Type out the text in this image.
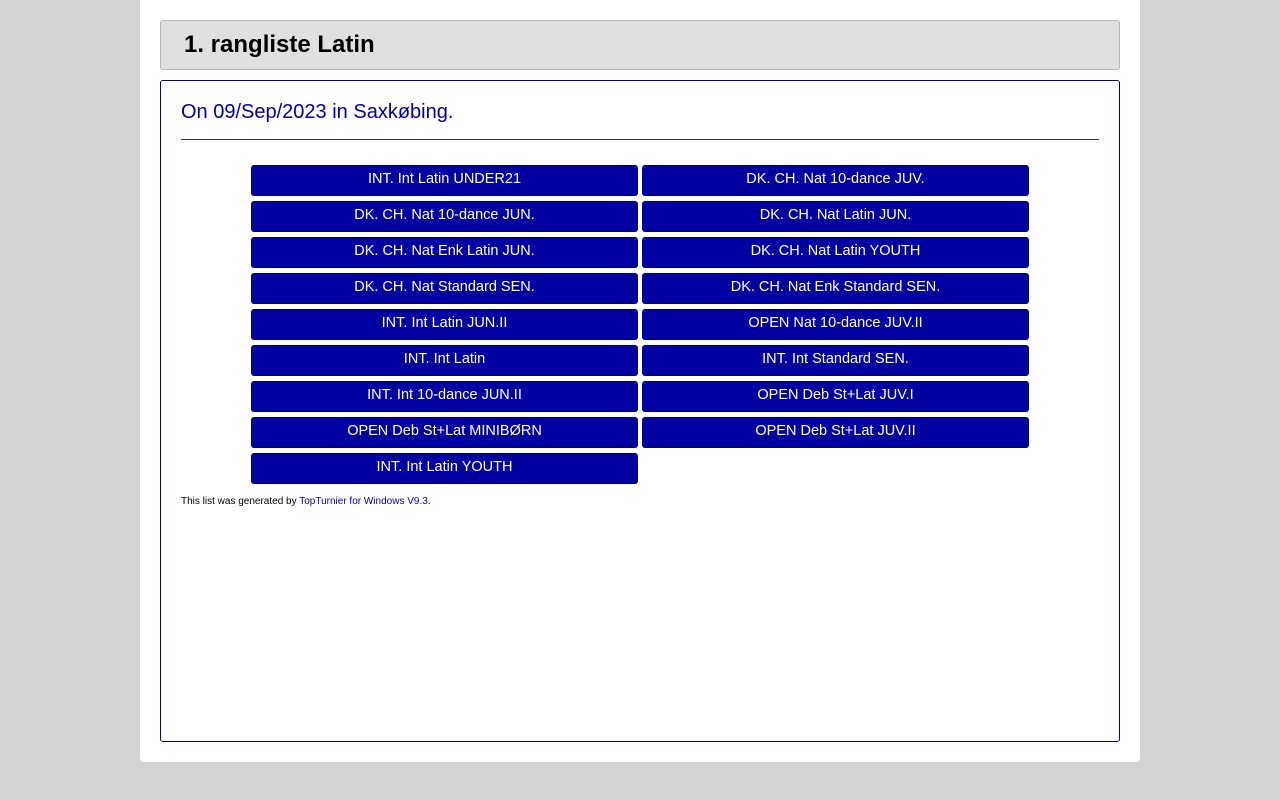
1. rangliste Latin
On 09/Sep/2023 in Saxkøbing.
INT. Int Latin UNDER21	DK. CH. Nat 10-dance JUV.
DK. CH. Nat 10-dance JUN.	DK. CH. Nat Latin JUN.
DK. CH. Nat Enk Latin JUN.	DK. CH. Nat Latin YOUTH
DK. CH. Nat Standard SEN.	DK. CH. Nat Enk Standard SEN.
INT. Int Latin JUN.II	OPEN Nat 10-dance JUV.II
INT. Int Latin	INT. Int Standard SEN.
INT. Int 10-dance JUN.II	OPEN Deb St+Lat JUV.I
OPEN Deb St+Lat MINIBØRN	OPEN Deb St+Lat JUV.II
INT. Int Latin YOUTH
This list was generated by TopTurnier for Windows V9.3.
